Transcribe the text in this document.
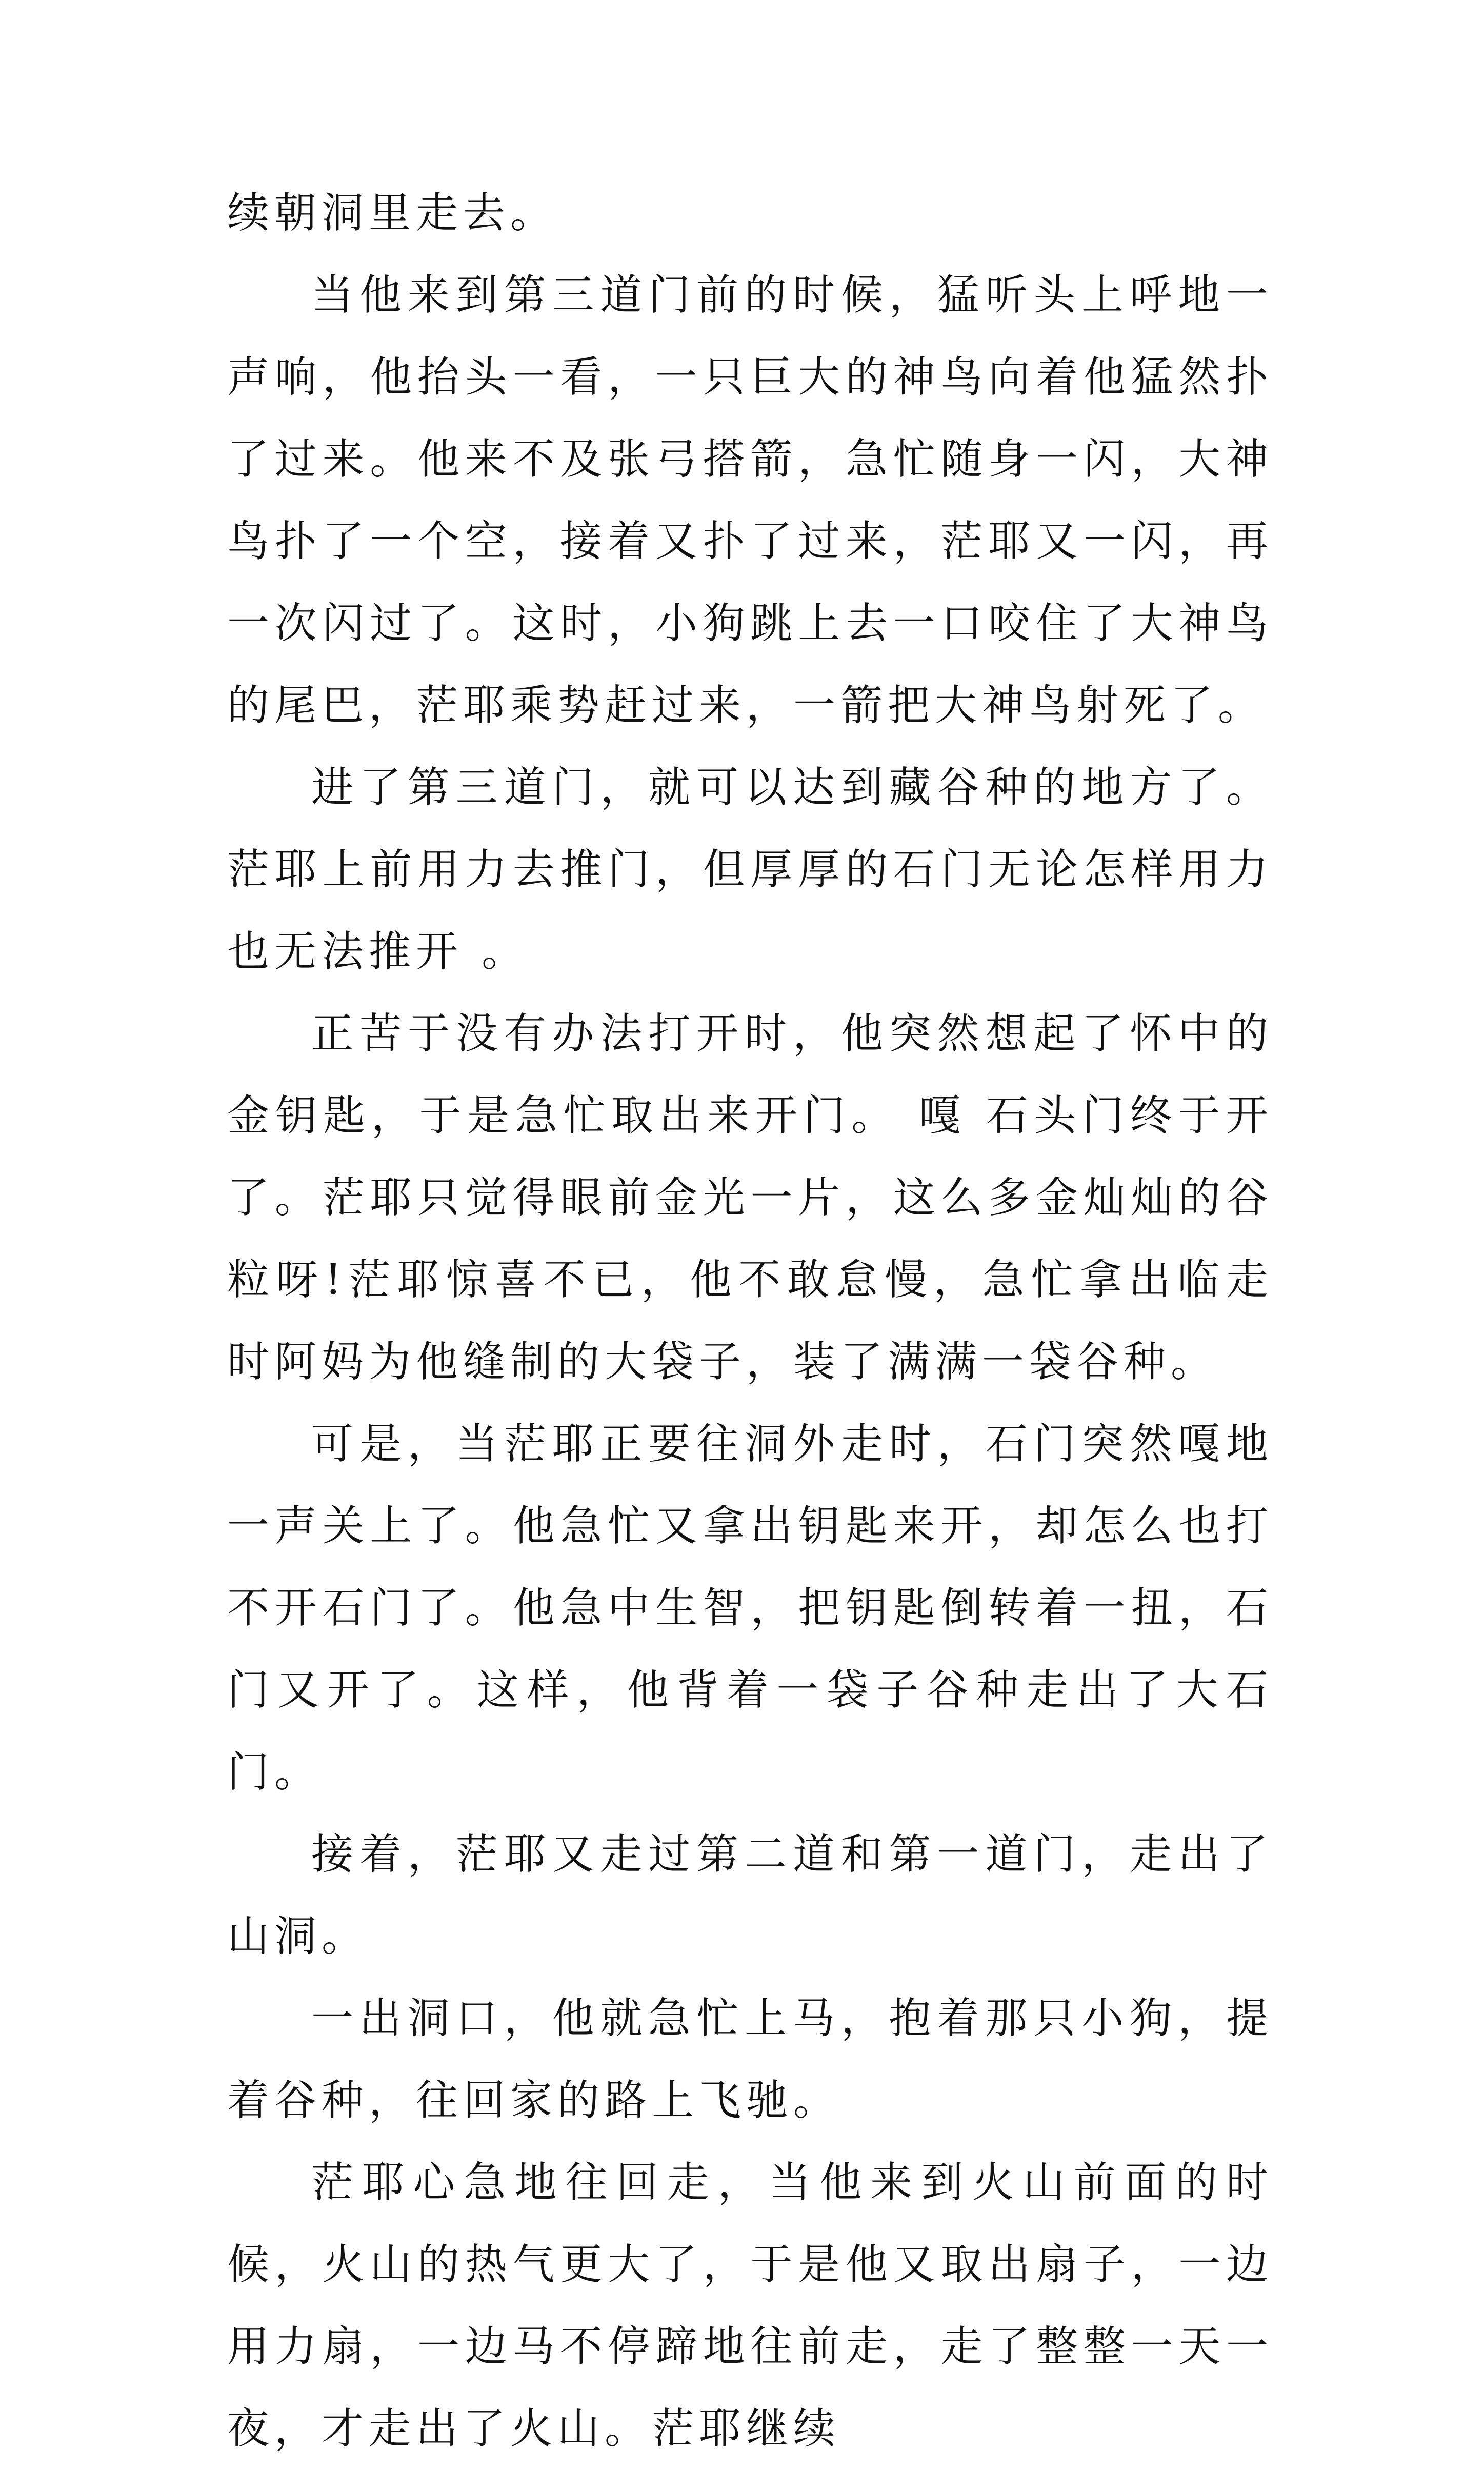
续朝洞里走去。

当他来到第三道门前的时候，猛听头上呼地一声响，他抬头一看，一只巨大的神鸟向着他猛然扑了过来。他来不及张弓搭箭，急忙随身一闪，大神鸟扑了一个空，接着又扑了过来，茫耶又一闪，再一次闪过了。这时，小狗跳上去一口咬住了大神鸟的尾巴，茫耶乘势赶过来，一箭把大神鸟射死了。

进了第三道门，就可以达到藏谷种的地方了。茫耶上前用力去推门，但厚厚的石门无论怎样用力也无法推开 。

正苦于没有办法打开时，他突然想起了怀中的金钥匙，于是急忙取出来开门。 嘎 石头门终于开了。茫耶只觉得眼前金光一片，这么多金灿灿的谷粒呀!茫耶惊喜不已，他不敢怠慢，急忙拿出临走时阿妈为他缝制的大袋子，装了满满一袋谷种。

可是，当茫耶正要往洞外走时，石门突然嘎地一声关上了。他急忙又拿出钥匙来开，却怎么也打不开石门了。他急中生智，把钥匙倒转着一扭，石门又开了。这样，他背着一袋子谷种走出了大石门。

接着，茫耶又走过第二道和第一道门，走出了山洞。

一出洞口，他就急忙上马，抱着那只小狗，提着谷种，往回家的路上飞驰。

茫耶心急地往回走，当他来到火山前面的时候，火山的热气更大了，于是他又取出扇子，一边用力扇，一边马不停蹄地往前走，走了整整一天一夜，才走出了火山。茫耶继续
